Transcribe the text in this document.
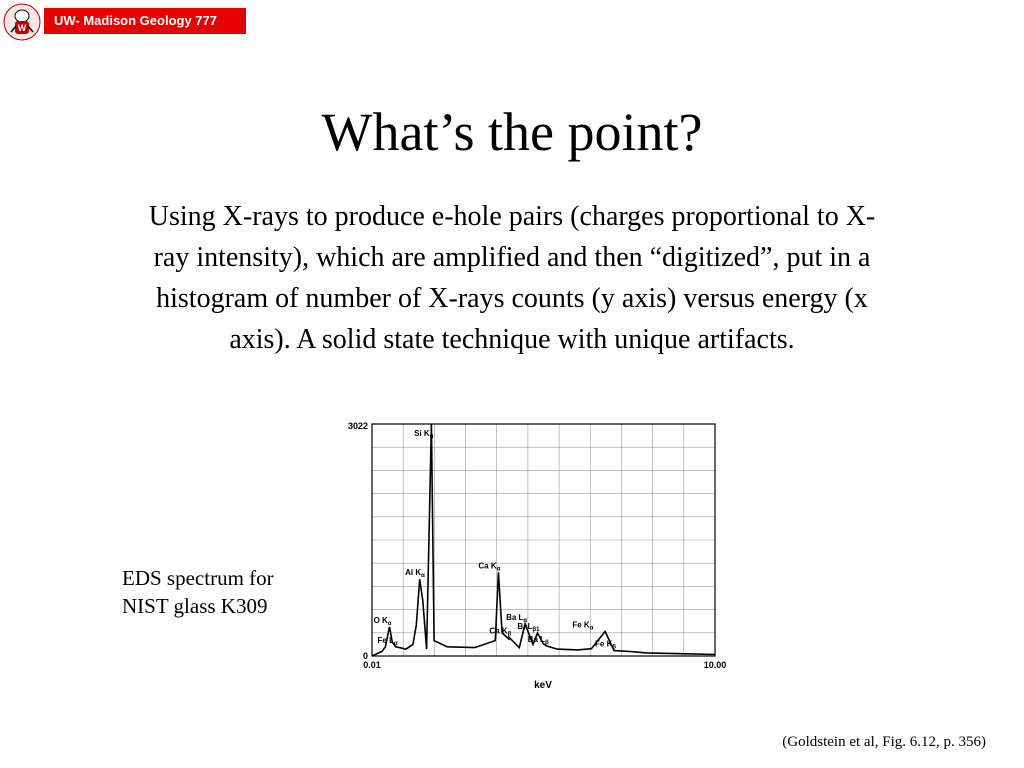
W	UW- Madison Geology 777
What’s the point?

Using X-rays to produce e-hole pairs (charges proportional to X-ray intensity), which are amplified and then “digitized”, put in a histogram of number of X-rays counts (y axis) versus energy (x axis). A solid state technique with unique artifacts.

EDS spectrum for
NIST glass K309
(Goldstein et al, Fig. 6.12, p. 356)
3022
0
0.01	10.00
keV
Si $K_\alpha$
Al $K_\alpha$
Ca $K_\alpha$
O $K_\alpha$
Fe $L_\alpha$
Ba $L_\alpha$
Ca $K_\beta$
BaL$_{\beta 1}$
Ba $L_\beta$
Fe $K_\alpha$
Fe $K_\beta$
